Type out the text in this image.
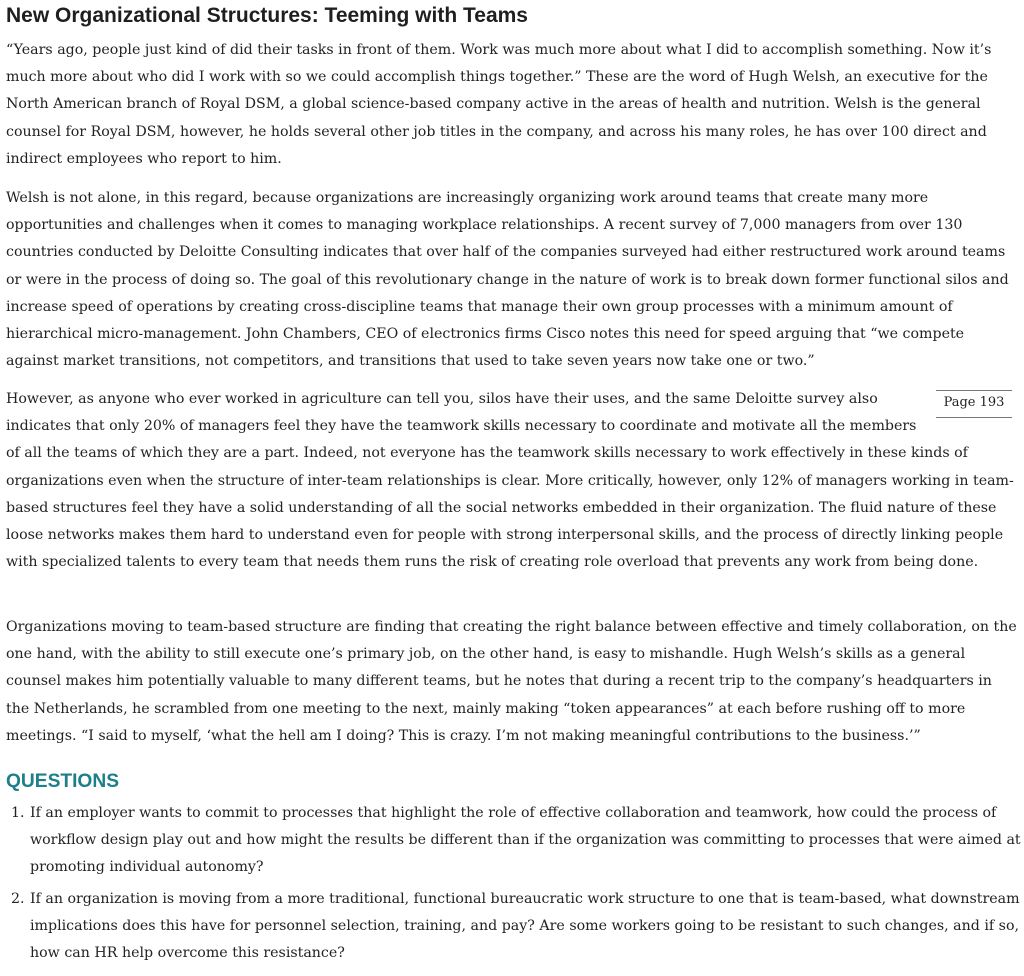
New Organizational Structures: Teeming with Teams

“Years ago, people just kind of did their tasks in front of them. Work was much more about what I did to accomplish something. Now it’s much more about who did I work with so we could accomplish things together.” These are the word of Hugh Welsh, an executive for the North American branch of Royal DSM, a global science-based company active in the areas of health and nutrition. Welsh is the general counsel for Royal DSM, however, he holds several other job titles in the company, and across his many roles, he has over 100 direct and indirect employees who report to him.

Welsh is not alone, in this regard, because organizations are increasingly organizing work around teams that create many more opportunities and challenges when it comes to managing workplace relationships. A recent survey of 7,000 managers from over 130 countries conducted by Deloitte Consulting indicates that over half of the companies surveyed had either restructured work around teams or were in the process of doing so. The goal of this revolutionary change in the nature of work is to break down former functional silos and increase speed of operations by creating cross-discipline teams that manage their own group processes with a minimum amount of hierarchical micro-management. John Chambers, CEO of electronics firms Cisco notes this need for speed arguing that “we compete against market transitions, not competitors, and transitions that used to take seven years now take one or two.”

Page 193
However, as anyone who ever worked in agriculture can tell you, silos have their uses, and the same Deloitte survey also indicates that only 20% of managers feel they have the teamwork skills necessary to coordinate and motivate all the members of all the teams of which they are a part. Indeed, not everyone has the teamwork skills necessary to work effectively in these kinds of organizations even when the structure of inter-team relationships is clear. More critically, however, only 12% of managers working in team-based structures feel they have a solid understanding of all the social networks embedded in their organization. The fluid nature of these loose networks makes them hard to understand even for people with strong interpersonal skills, and the process of directly linking people with specialized talents to every team that needs them runs the risk of creating role overload that prevents any work from being done.

Organizations moving to team-based structure are finding that creating the right balance between effective and timely collaboration, on the one hand, with the ability to still execute one’s primary job, on the other hand, is easy to mishandle. Hugh Welsh’s skills as a general counsel makes him potentially valuable to many different teams, but he notes that during a recent trip to the company’s headquarters in the Netherlands, he scrambled from one meeting to the next, mainly making “token appearances” at each before rushing off to more meetings. “I said to myself, ‘what the hell am I doing? This is crazy. I’m not making meaningful contributions to the business.’”

QUESTIONS
1. If an employer wants to commit to processes that highlight the role of effective collaboration and teamwork, how could the process of workflow design play out and how might the results be different than if the organization was committing to processes that were aimed at promoting individual autonomy?
2. If an organization is moving from a more traditional, functional bureaucratic work structure to one that is team-based, what downstream implications does this have for personnel selection, training, and pay? Are some workers going to be resistant to such changes, and if so, how can HR help overcome this resistance?
